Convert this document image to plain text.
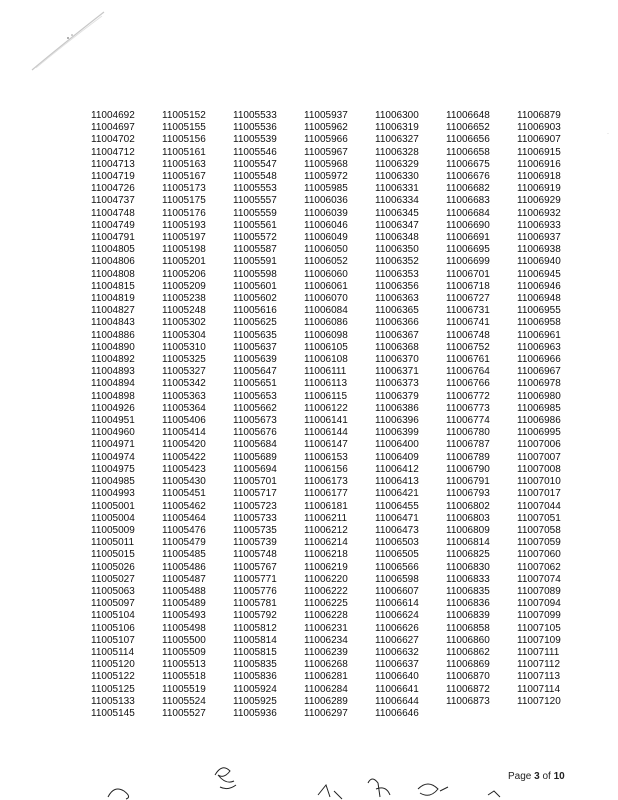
·
11004692	11005152	11005533	11005937	11006300	11006648	11006879
11004697	11005155	11005536	11005962	11006319	11006652	11006903
11004702	11005156	11005539	11005966	11006327	11006656	11006907
11004712	11005161	11005546	11005967	11006328	11006658	11006915
11004713	11005163	11005547	11005968	11006329	11006675	11006916
11004719	11005167	11005548	11005972	11006330	11006676	11006918
11004726	11005173	11005553	11005985	11006331	11006682	11006919
11004737	11005175	11005557	11006036	11006334	11006683	11006929
11004748	11005176	11005559	11006039	11006345	11006684	11006932
11004749	11005193	11005561	11006046	11006347	11006690	11006933
11004791	11005197	11005572	11006049	11006348	11006691	11006937
11004805	11005198	11005587	11006050	11006350	11006695	11006938
11004806	11005201	11005591	11006052	11006352	11006699	11006940
11004808	11005206	11005598	11006060	11006353	11006701	11006945
11004815	11005209	11005601	11006061	11006356	11006718	11006946
11004819	11005238	11005602	11006070	11006363	11006727	11006948
11004827	11005248	11005616	11006084	11006365	11006731	11006955
11004843	11005302	11005625	11006086	11006366	11006741	11006958
11004886	11005304	11005635	11006098	11006367	11006748	11006961
11004890	11005310	11005637	11006105	11006368	11006752	11006963
11004892	11005325	11005639	11006108	11006370	11006761	11006966
11004893	11005327	11005647	11006111	11006371	11006764	11006967
11004894	11005342	11005651	11006113	11006373	11006766	11006978
11004898	11005363	11005653	11006115	11006379	11006772	11006980
11004926	11005364	11005662	11006122	11006386	11006773	11006985
11004951	11005406	11005673	11006141	11006396	11006774	11006986
11004960	11005414	11005676	11006144	11006399	11006780	11006995
11004971	11005420	11005684	11006147	11006400	11006787	11007006
11004974	11005422	11005689	11006153	11006409	11006789	11007007
11004975	11005423	11005694	11006156	11006412	11006790	11007008
11004985	11005430	11005701	11006173	11006413	11006791	11007010
11004993	11005451	11005717	11006177	11006421	11006793	11007017
11005001	11005462	11005723	11006181	11006455	11006802	11007044
11005004	11005464	11005733	11006211	11006471	11006803	11007051
11005009	11005476	11005735	11006212	11006473	11006809	11007058
11005011	11005479	11005739	11006214	11006503	11006814	11007059
11005015	11005485	11005748	11006218	11006505	11006825	11007060
11005026	11005486	11005767	11006219	11006566	11006830	11007062
11005027	11005487	11005771	11006220	11006598	11006833	11007074
11005063	11005488	11005776	11006222	11006607	11006835	11007089
11005097	11005489	11005781	11006225	11006614	11006836	11007094
11005104	11005493	11005792	11006228	11006624	11006839	11007099
11005106	11005498	11005812	11006231	11006626	11006858	11007105
11005107	11005500	11005814	11006234	11006627	11006860	11007109
11005114	11005509	11005815	11006239	11006632	11006862	11007111
11005120	11005513	11005835	11006268	11006637	11006869	11007112
11005122	11005518	11005836	11006281	11006640	11006870	11007113
11005125	11005519	11005924	11006284	11006641	11006872	11007114
11005133	11005524	11005925	11006289	11006644	11006873	11007120
11005145	11005527	11005936	11006297	11006646		
Page 3 of 10
